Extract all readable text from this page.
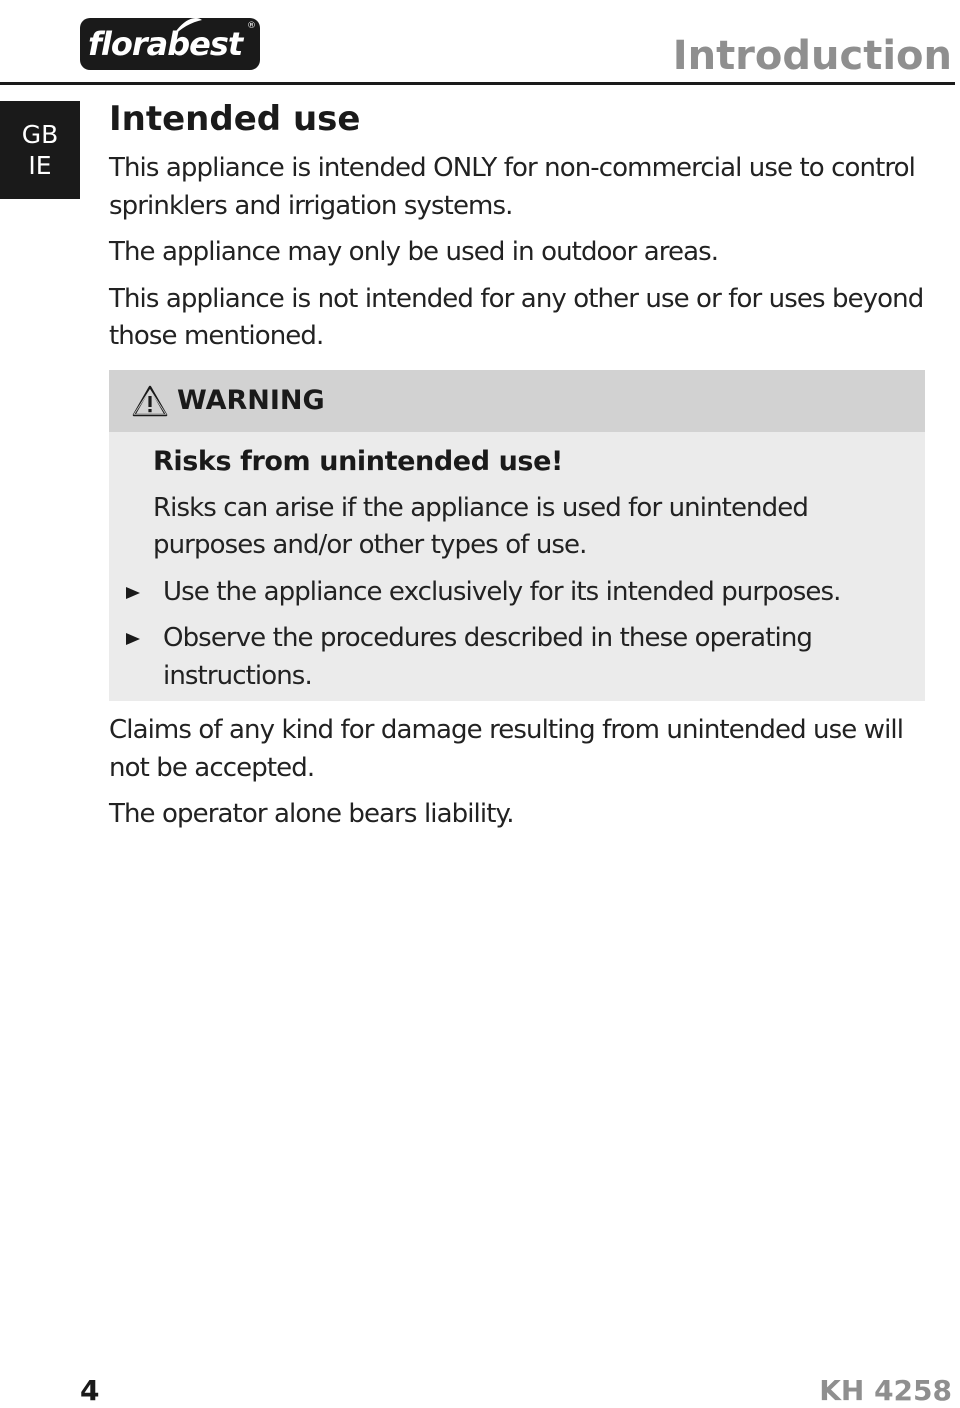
florabest ®
Introduction
GB
IE
Intended use

This appliance is intended ONLY for non-commercial use to control sprinklers and irrigation systems.

The appliance may only be used in outdoor areas.

This appliance is not intended for any other use or for uses beyond those mentioned.

WARNING

Risks from unintended use!

Risks can arise if the appliance is used for unintended purposes and/or other types of use.

Use the appliance exclusively for its intended purposes.
Observe the procedures described in these operating instructions.

Claims of any kind for damage resulting from unintended use will not be accepted.

The operator alone bears liability.

4	KH 4258
